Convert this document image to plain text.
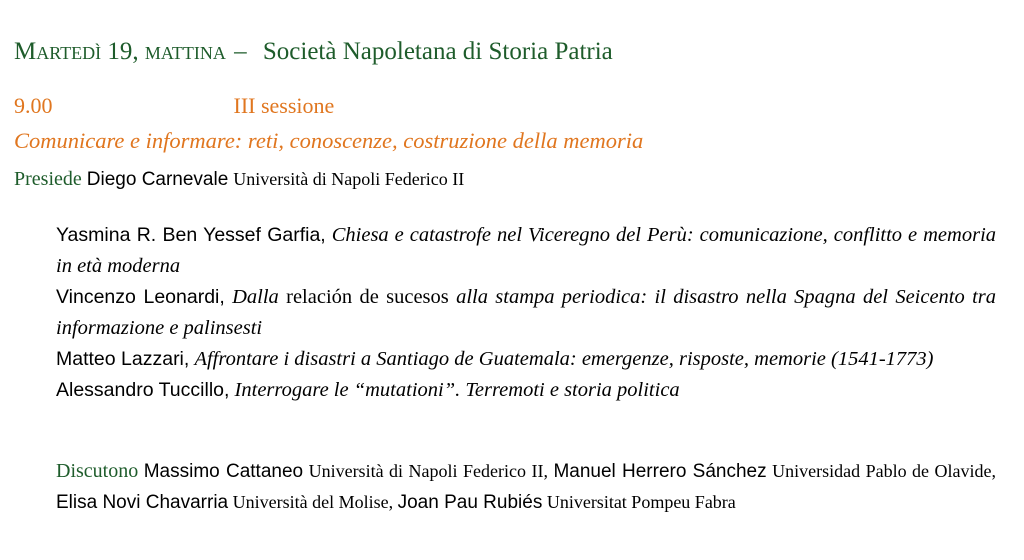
Martedì 19, mattina – Società Napoletana di Storia Patria
9.00	III sessione
Comunicare e informare: reti, conoscenze, costruzione della memoria
Presiede Diego Carnevale Università di Napoli Federico II
Yasmina R. Ben Yessef Garfia, Chiesa e catastrofe nel Viceregno del Perù: comunicazione, conflitto e memoria in età moderna
Vincenzo Leonardi, Dalla relación de sucesos alla stampa periodica: il disastro nella Spagna del Seicento tra informazione e palinsesti
Matteo Lazzari, Affrontare i disastri a Santiago de Guatemala: emergenze, risposte, memorie (1541-1773)
Alessandro Tuccillo, Interrogare le “mutationi”. Terremoti e storia politica
Discutono Massimo Cattaneo Università di Napoli Federico II, Manuel Herrero Sánchez Universidad Pablo de Olavide, Elisa Novi Chavarria Università del Molise, Joan Pau Rubiés Universitat Pompeu Fabra
